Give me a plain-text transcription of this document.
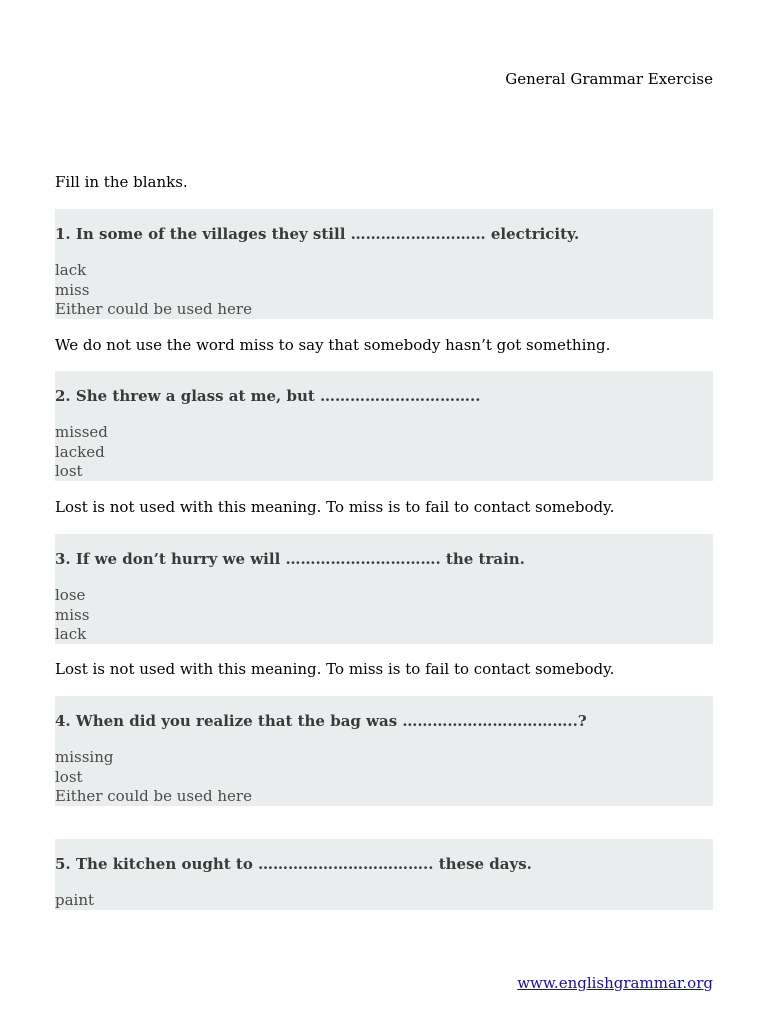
General Grammar Exercise
Fill in the blanks.
1. In some of the villages they still ……………………… electricity.
lack
miss
Either could be used here
We do not use the word miss to say that somebody hasn’t got something.
2. She threw a glass at me, but …………………………..
missed
lacked
lost
Lost is not used with this meaning. To miss is to fail to contact somebody.
3. If we don’t hurry we will …………………………. the train.
lose
miss
lack
Lost is not used with this meaning. To miss is to fail to contact somebody.
4. When did you realize that the bag was ……………………………..?
missing
lost
Either could be used here
5. The kitchen ought to …………………………….. these days.
paint
www.englishgrammar.org
